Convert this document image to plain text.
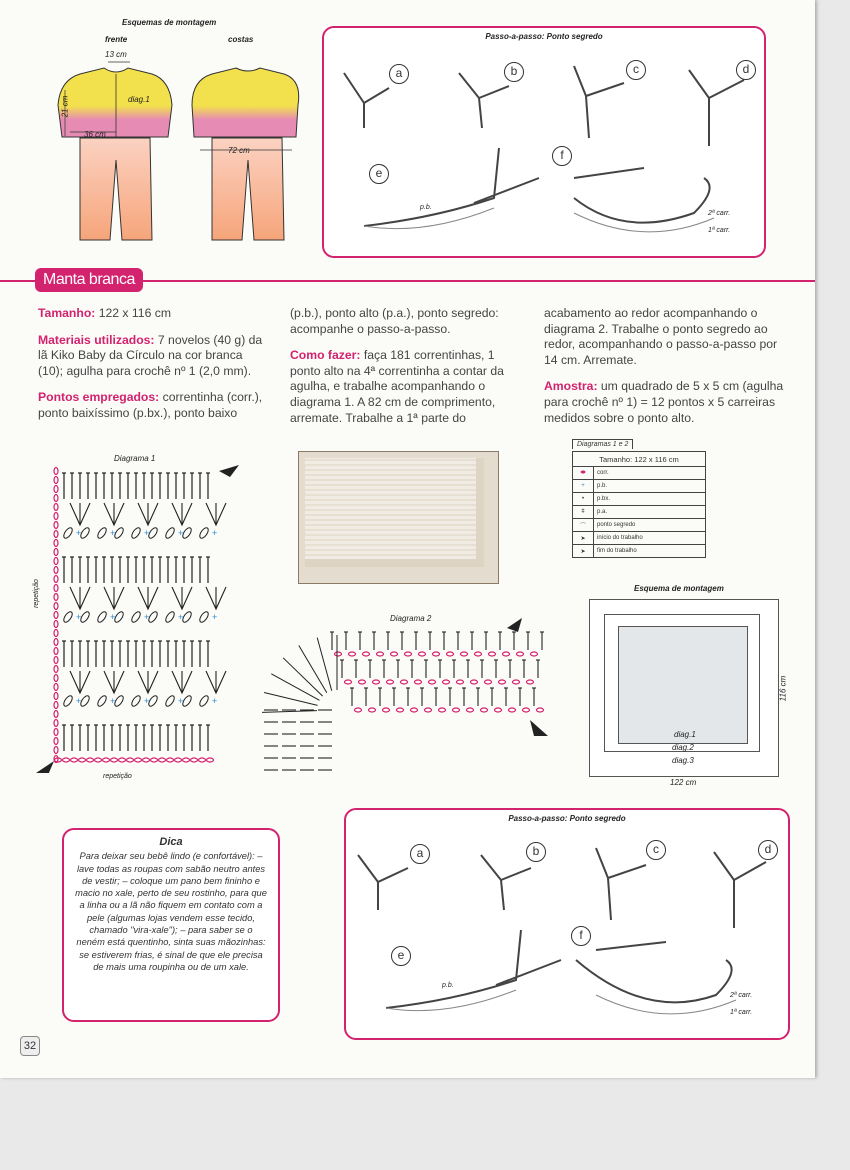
Esquemas de montagem
frente	costas
13 cm
21 cm
36 cm
diag.1
72 cm
Passo-a-passo: Ponto segredo
a	b	c	d
e
f
p.b.
2ª carr.
1ª carr.
Manta branca

Tamanho: 122 x 116 cm

Materiais utilizados: 7 novelos (40 g) da lã Kiko Baby da Círculo na cor branca (10); agulha para crochê nº 1 (2,0 mm).

Pontos empregados: correntinha (corr.), ponto baixíssimo (p.bx.), ponto baixo

(p.b.), ponto alto (p.a.), ponto segredo: acompanhe o passo-a-passo.

Como fazer: faça 181 correntinhas, 1 ponto alto na 4ª correntinha a contar da agulha, e trabalhe acompanhando o diagrama 1. A 82 cm de comprimento, arremate. Trabalhe a 1ª parte do

acabamento ao redor acompanhando o diagrama 2. Trabalhe o ponto segredo ao redor, acompanhando o passo-a-passo por 14 cm. Arremate.

Amostra: um quadrado de 5 x 5 cm (agulha para crochê nº 1) = 12 pontos x 5 carreiras medidos sobre o ponto alto.

Diagramas 1 e 2
Tamanho: 122 x 116 cm	
⬬	corr.
+	p.b.
•	p.bx.
ǂ	p.a.
⌒	ponto segredo
➤	início do trabalho
➤	fim do trabalho
Diagrama 1
+	+	+	+	+
+	+	+	+	+
+	+	+	+	+
repetição
repetição
Diagrama 2
Esquema de montagem
diag.1
diag.2
diag.3
122 cm
116 cm
Dica
Para deixar seu bebê lindo (e confortável): – lave todas as roupas com sabão neutro antes de vestir; – coloque um pano bem fininho e macio no xale, perto de seu rostinho, para que a linha ou a lã não fiquem em contato com a pele (algumas lojas vendem esse tecido, chamado "vira-xale"); – para saber se o neném está quentinho, sinta suas mãozinhas: se estiverem frias, é sinal de que ele precisa de mais uma roupinha ou de um xale.
Passo-a-passo: Ponto segredo
a	b	c	d
e
f
p.b.
2ª carr.
1ª carr.
32
